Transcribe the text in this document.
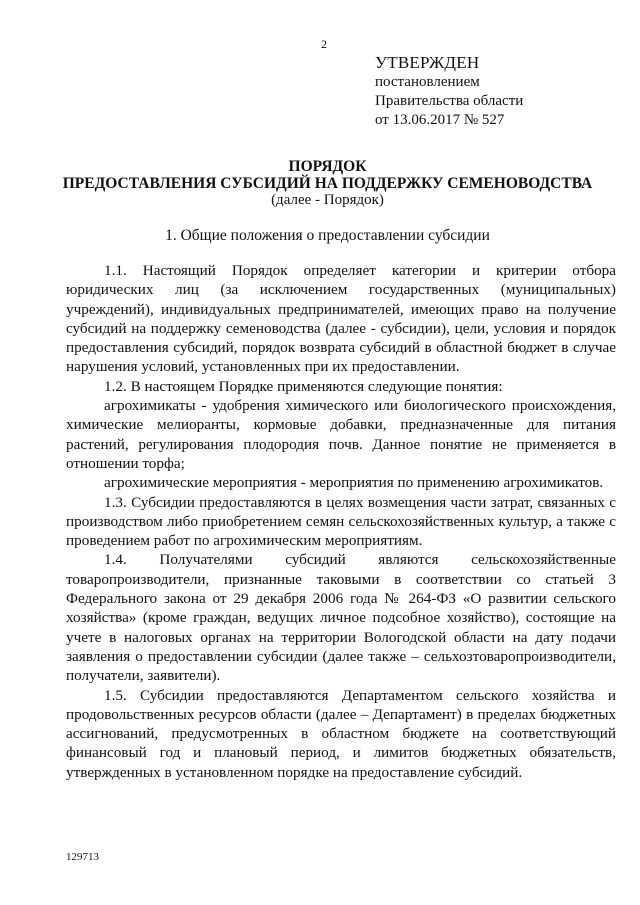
2
УТВЕРЖДЕН
постановлением
Правительства области
от 13.06.2017 № 527
ПОРЯДОК
ПРЕДОСТАВЛЕНИЯ СУБСИДИЙ НА ПОДДЕРЖКУ СЕМЕНОВОДСТВА
(далее - Порядок)
1. Общие положения о предоставлении субсидии

1.1. Настоящий Порядок определяет категории и критерии отбора юридических лиц (за исключением государственных (муниципальных) учреждений), индивидуальных предпринимателей, имеющих право на получение субсидий на поддержку семеноводства (далее - субсидии), цели, условия и порядок предоставления субсидий, порядок возврата субсидий в областной бюджет в случае нарушения условий, установленных при их предоставлении.

1.2. В настоящем Порядке применяются следующие понятия:

агрохимикаты - удобрения химического или биологического происхождения, химические мелиоранты, кормовые добавки, предназначенные для питания растений, регулирования плодородия почв. Данное понятие не применяется в отношении торфа;

агрохимические мероприятия - мероприятия по применению агрохимикатов.

1.3. Субсидии предоставляются в целях возмещения части затрат, связанных с производством либо приобретением семян сельскохозяйственных культур, а также с проведением работ по агрохимическим мероприятиям.

1.4. Получателями субсидий являются сельскохозяйственные товаропроизводители, признанные таковыми в соответствии со статьей 3 Федерального закона от 29 декабря 2006 года № 264-ФЗ «О развитии сельского хозяйства» (кроме граждан, ведущих личное подсобное хозяйство), состоящие на учете в налоговых органах на территории Вологодской области на дату подачи заявления о предоставлении субсидии (далее также – сельхозтоваропроизводители, получатели, заявители).

1.5. Субсидии предоставляются Департаментом сельского хозяйства и продовольственных ресурсов области (далее – Департамент) в пределах бюджетных ассигнований, предусмотренных в областном бюджете на соответствующий финансовый год и плановый период, и лимитов бюджетных обязательств, утвержденных в установленном порядке на предоставление субсидий.

129713
